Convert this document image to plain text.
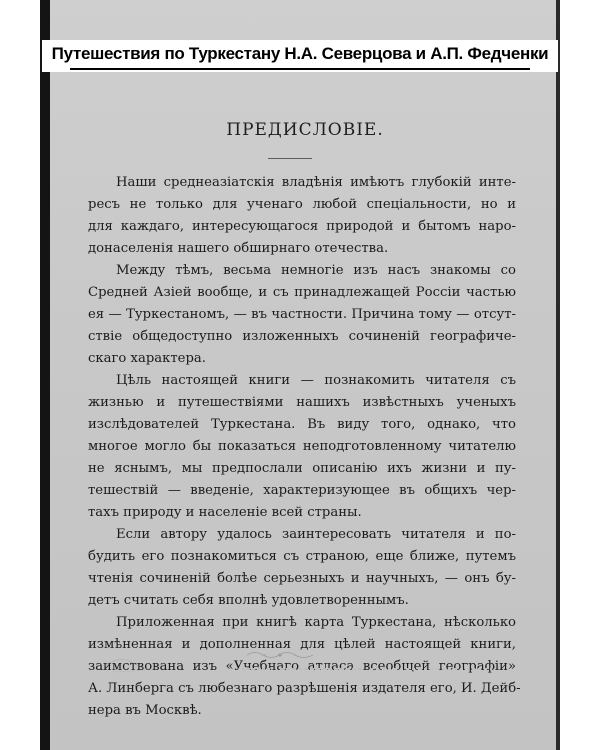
Путешествия по Туркестану Н.А. Северцова и А.П. Федченки
ПРЕДИСЛОВІЕ.

Наши среднеазіатскія владѣнія имѣютъ глубокій инте-
ресъ не только для ученаго любой спеціальности, но и
для каждаго, интересующагося природой и бытомъ наро-
донаселенія нашего обширнаго отечества.

Между тѣмъ, весьма немногіе изъ насъ знакомы со
Средней Азіей вообще, и съ принадлежащей Россіи частью
ея — Туркестаномъ, — въ частности. Причина тому — отсут-
ствіе общедоступно изложенныхъ сочиненій географиче-
скаго характера.

Цѣль настоящей книги — познакомить читателя съ
жизнью и путешествіями нашихъ извѣстныхъ ученыхъ
изслѣдователей Туркестана. Въ виду того, однако, что
многое могло бы показаться неподготовленному читателю
не яснымъ, мы предпослали описанію ихъ жизни и пу-
тешествій — введеніе, характеризующее въ общихъ чер-
тахъ природу и населеніе всей страны.

Если автору удалось заинтересовать читателя и по-
будить его познакомиться съ страною, еще ближе, путемъ
чтенія сочиненій болѣе серьезныхъ и научныхъ, — онъ бу-
детъ считать себя вполнѣ удовлетвореннымъ.

Приложенная при книгѣ карта Туркестана, нѣсколько
измѣненная и дополненная для цѣлей настоящей книги,
заимствована изъ «Учебнаго атласа всеобщей географіи»
А. Линберга съ любезнаго разрѣшенія издателя его, И. Дейб-
нера въ Москвѣ.
